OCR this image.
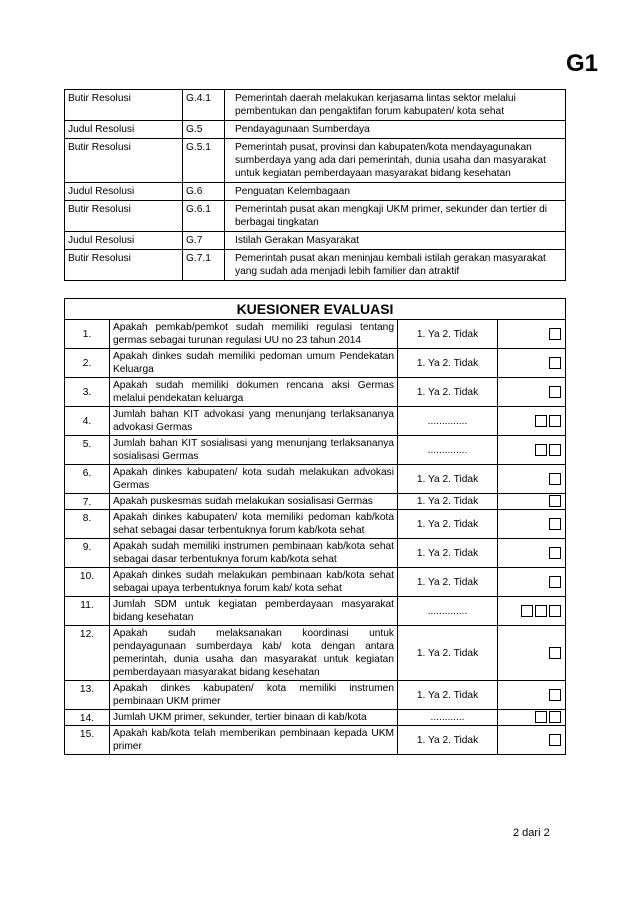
G1
Butir Resolusi	G.4.1	Pemerintah daerah melakukan kerjasama lintas sektor melalui pembentukan dan pengaktifan forum kabupaten/ kota sehat
Judul Resolusi	G.5	Pendayagunaan Sumberdaya
Butir Resolusi	G.5.1	Pemerintah pusat, provinsi dan kabupaten/kota mendayagunakan sumberdaya yang ada dari pemerintah, dunia usaha dan masyarakat untuk kegiatan pemberdayaan masyarakat bidang kesehatan
Judul Resolusi	G.6	Penguatan Kelembagaan
Butir Resolusi	G.6.1	Pemerintah pusat akan mengkaji UKM primer, sekunder dan tertier di berbagai tingkatan
Judul Resolusi	G.7	Istilah Gerakan Masyarakat
Butir Resolusi	G.7.1	Pemerintah pusat akan meninjau kembali istilah gerakan masyarakat yang sudah ada menjadi lebih familier dan atraktif
KUESIONER EVALUASI			
1.	Apakah pemkab/pemkot sudah memiliki regulasi tentang germas sebagai turunan regulasi UU no 23 tahun 2014	1. Ya 2. Tidak	
2.	Apakah dinkes sudah memiliki pedoman umum Pendekatan Keluarga	1. Ya 2. Tidak	
3.	Apakah sudah memiliki dokumen rencana aksi Germas melalui pendekatan keluarga	1. Ya 2. Tidak	
4.	Jumlah bahan KIT advokasi yang menunjang terlaksananya advokasi Germas	..............	
5.	Jumlah bahan KIT sosialisasi yang menunjang terlaksananya sosialisasi Germas	..............	
6.	Apakah dinkes kabupaten/ kota sudah melakukan advokasi Germas	1. Ya 2. Tidak	
7.	Apakah puskesmas sudah melakukan sosialisasi Germas	1. Ya 2. Tidak	
8.	Apakah dinkes kabupaten/ kota memiliki pedoman kab/kota sehat sebagai dasar terbentuknya forum kab/kota sehat	1. Ya 2. Tidak	
9.	Apakah sudah memiliki instrumen pembinaan kab/kota sehat sebagai dasar terbentuknya forum kab/kota sehat	1. Ya 2. Tidak	
10.	Apakah dinkes sudah melakukan pembinaan kab/kota sehat sebagai upaya terbentuknya forum kab/ kota sehat	1. Ya 2. Tidak	
11.	Jumlah SDM untuk kegiatan pemberdayaan masyarakat bidang kesehatan	..............	
12.	Apakah sudah melaksanakan koordinasi untuk pendayagunaan sumberdaya kab/ kota dengan antara pemerintah, dunia usaha dan masyarakat untuk kegiatan pemberdayaan masyarakat bidang kesehatan	1. Ya 2. Tidak	
13.	Apakah dinkes kabupaten/ kota memiliki instrumen pembinaan UKM primer	1. Ya 2. Tidak	
14.	Jumlah UKM primer, sekunder, tertier binaan di kab/kota	............	
15.	Apakah kab/kota telah memberikan pembinaan kepada UKM primer	1. Ya 2. Tidak	
2 dari 2
